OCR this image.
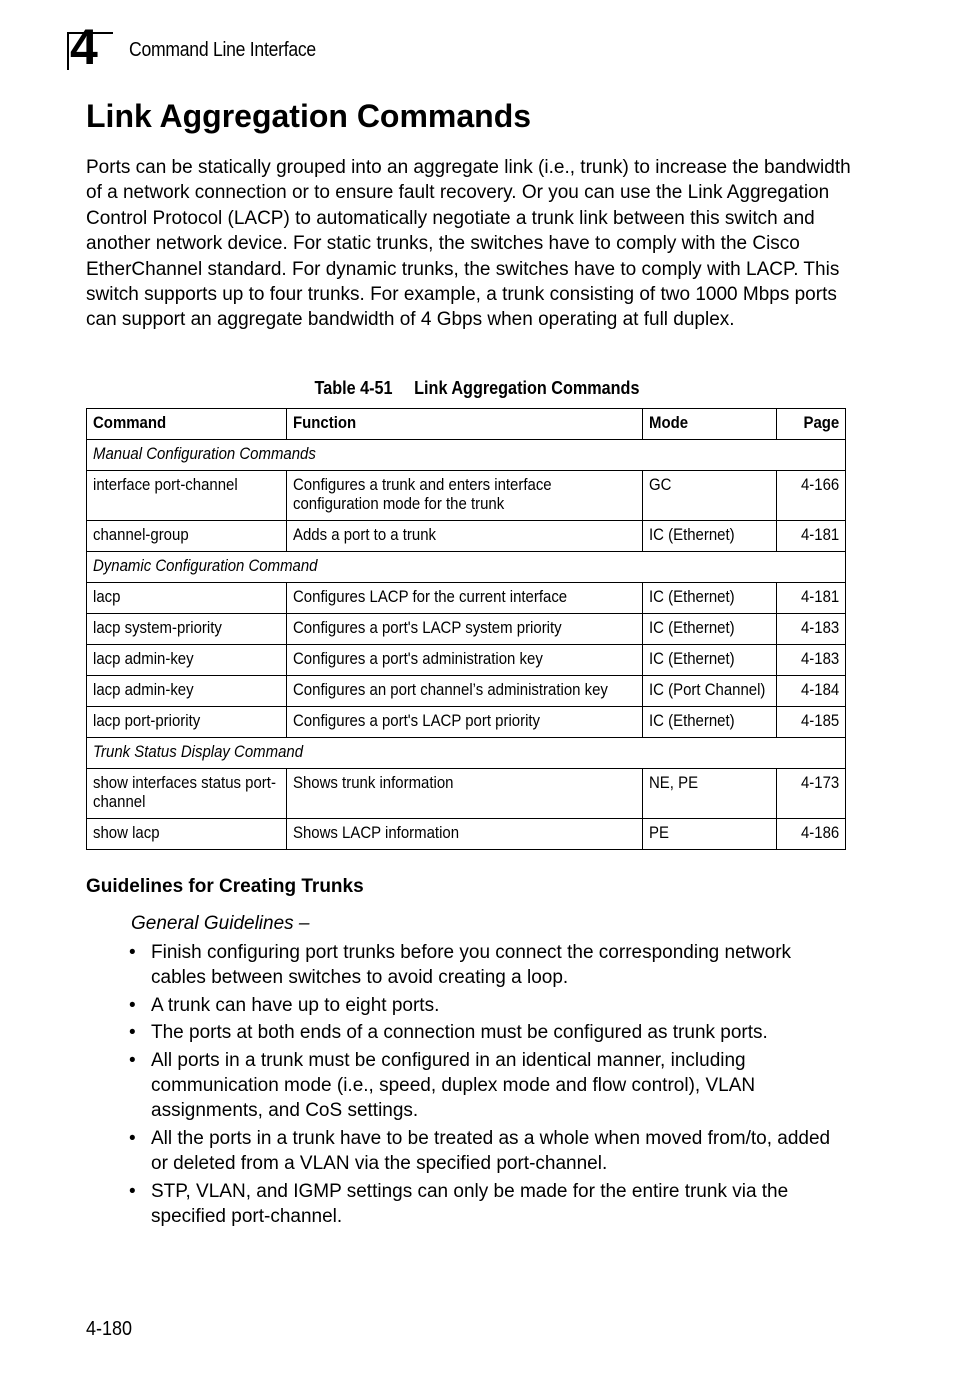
4 Command Line Interface
Link Aggregation Commands

Ports can be statically grouped into an aggregate link (i.e., trunk) to increase the bandwidth of a network connection or to ensure fault recovery. Or you can use the Link Aggregation Control Protocol (LACP) to automatically negotiate a trunk link between this switch and another network device. For static trunks, the switches have to comply with the Cisco EtherChannel standard. For dynamic trunks, the switches have to comply with LACP. This switch supports up to four trunks. For example, a trunk consisting of two 1000 Mbps ports can support an aggregate bandwidth of 4 Gbps when operating at full duplex.

Table 4-51 Link Aggregation Commands
Command	Function	Mode	Page
Manual Configuration Commands			
interface port-channel	Configures a trunk and enters interface configuration mode for the trunk	GC	4-166
channel-group	Adds a port to a trunk	IC (Ethernet)	4-181
Dynamic Configuration Command			
lacp	Configures LACP for the current interface	IC (Ethernet)	4-181
lacp system-priority	Configures a port's LACP system priority	IC (Ethernet)	4-183
lacp admin-key	Configures a port's administration key	IC (Ethernet)	4-183
lacp admin-key	Configures an port channel’s administration key	IC (Port Channel)	4-184
lacp port-priority	Configures a port's LACP port priority	IC (Ethernet)	4-185
Trunk Status Display Command			
show interfaces status port-channel	Shows trunk information	NE, PE	4-173
show lacp	Shows LACP information	PE	4-186
Guidelines for Creating Trunks
General Guidelines –
• Finish configuring port trunks before you connect the corresponding network cables between switches to avoid creating a loop.
• A trunk can have up to eight ports.
• The ports at both ends of a connection must be configured as trunk ports.
• All ports in a trunk must be configured in an identical manner, including communication mode (i.e., speed, duplex mode and flow control), VLAN assignments, and CoS settings.
• All the ports in a trunk have to be treated as a whole when moved from/to, added or deleted from a VLAN via the specified port-channel.
• STP, VLAN, and IGMP settings can only be made for the entire trunk via the specified port-channel.
4-180
